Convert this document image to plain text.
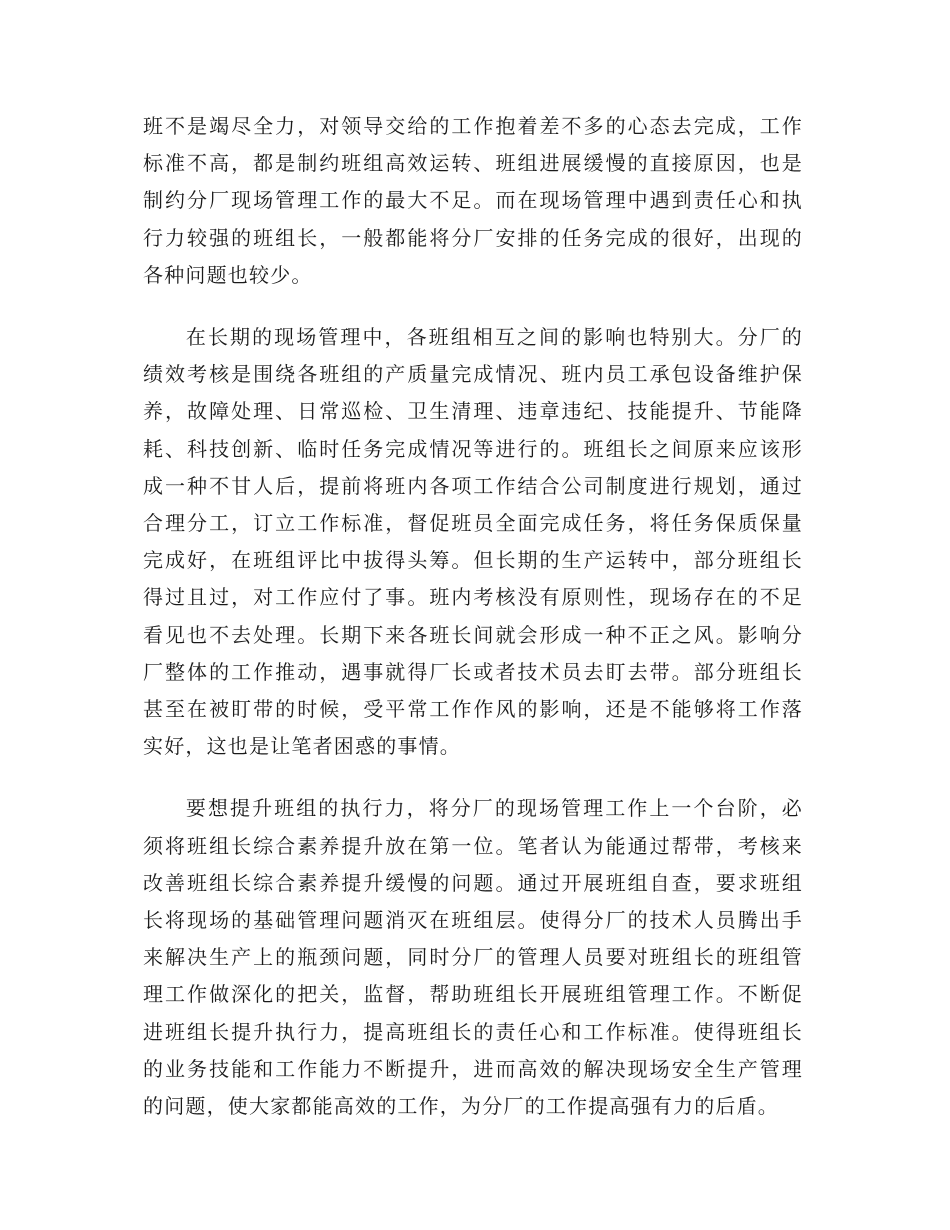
班不是竭尽全力，对领导交给的工作抱着差不多的心态去完成，工作
标准不高，都是制约班组高效运转、班组进展缓慢的直接原因，也是
制约分厂现场管理工作的最大不足。而在现场管理中遇到责任心和执
行力较强的班组长，一般都能将分厂安排的任务完成的很好，出现的
各种问题也较少。

在长期的现场管理中，各班组相互之间的影响也特别大。分厂的
绩效考核是围绕各班组的产质量完成情况、班内员工承包设备维护保
养，故障处理、日常巡检、卫生清理、违章违纪、技能提升、节能降
耗、科技创新、临时任务完成情况等进行的。班组长之间原来应该形
成一种不甘人后，提前将班内各项工作结合公司制度进行规划，通过
合理分工，订立工作标准，督促班员全面完成任务，将任务保质保量
完成好，在班组评比中拔得头筹。但长期的生产运转中，部分班组长
得过且过，对工作应付了事。班内考核没有原则性，现场存在的不足
看见也不去处理。长期下来各班长间就会形成一种不正之风。影响分
厂整体的工作推动，遇事就得厂长或者技术员去盯去带。部分班组长
甚至在被盯带的时候，受平常工作作风的影响，还是不能够将工作落
实好，这也是让笔者困惑的事情。

要想提升班组的执行力，将分厂的现场管理工作上一个台阶，必
须将班组长综合素养提升放在第一位。笔者认为能通过帮带，考核来
改善班组长综合素养提升缓慢的问题。通过开展班组自查，要求班组
长将现场的基础管理问题消灭在班组层。使得分厂的技术人员腾出手
来解决生产上的瓶颈问题，同时分厂的管理人员要对班组长的班组管
理工作做深化的把关，监督，帮助班组长开展班组管理工作。不断促
进班组长提升执行力，提高班组长的责任心和工作标准。使得班组长
的业务技能和工作能力不断提升，进而高效的解决现场安全生产管理
的问题，使大家都能高效的工作，为分厂的工作提高强有力的后盾。
